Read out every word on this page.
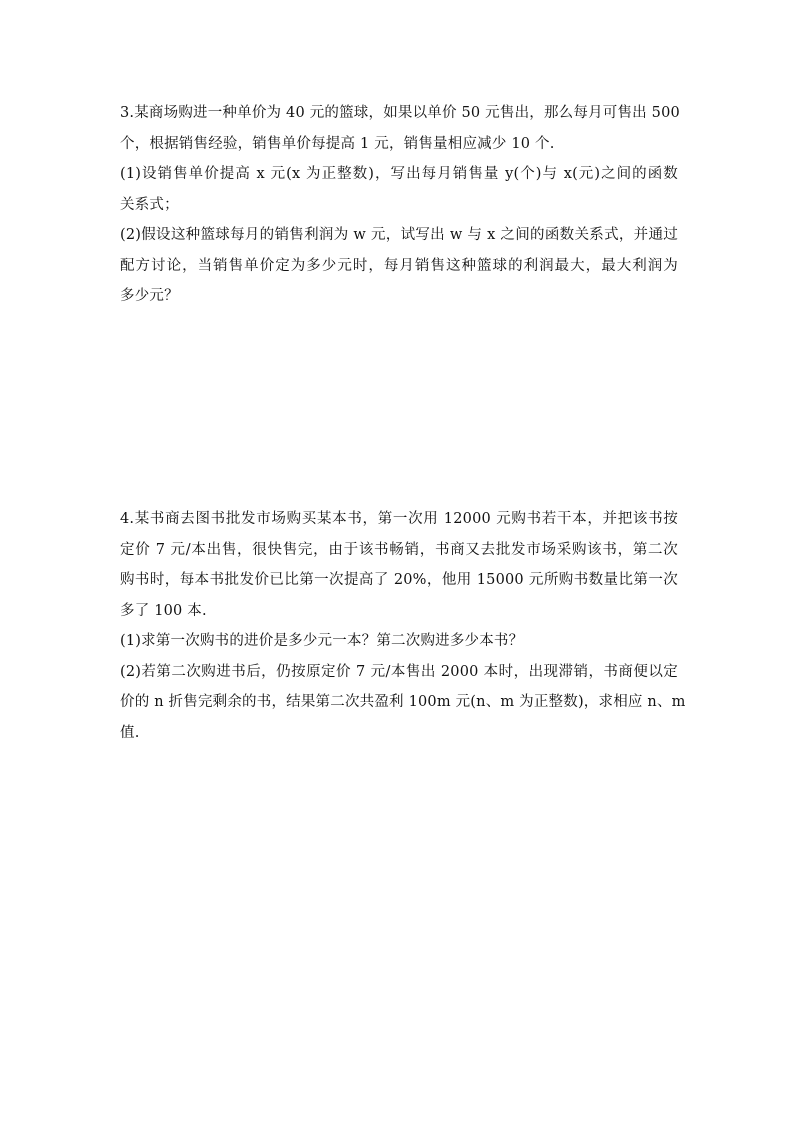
3.某商场购进一种单价为 40 元的篮球，如果以单价 50 元售出，那么每月可售出 500
个，根据销售经验，销售单价每提高 1 元，销售量相应减少 10 个.
(1)设销售单价提高 x 元(x 为正整数)，写出每月销售量 y(个)与 x(元)之间的函数
关系式；
(2)假设这种篮球每月的销售利润为 w 元，试写出 w 与 x 之间的函数关系式，并通过
配方讨论，当销售单价定为多少元时，每月销售这种篮球的利润最大，最大利润为
多少元？
4.某书商去图书批发市场购买某本书，第一次用 12000 元购书若干本，并把该书按
定价 7 元/本出售，很快售完，由于该书畅销，书商又去批发市场采购该书，第二次
购书时，每本书批发价已比第一次提高了 20%，他用 15000 元所购书数量比第一次
多了 100 本.
(1)求第一次购书的进价是多少元一本？第二次购进多少本书？
(2)若第二次购进书后，仍按原定价 7 元/本售出 2000 本时，出现滞销，书商便以定
价的 n 折售完剩余的书，结果第二次共盈利 100m 元(n、m 为正整数)，求相应 n、m
值.
